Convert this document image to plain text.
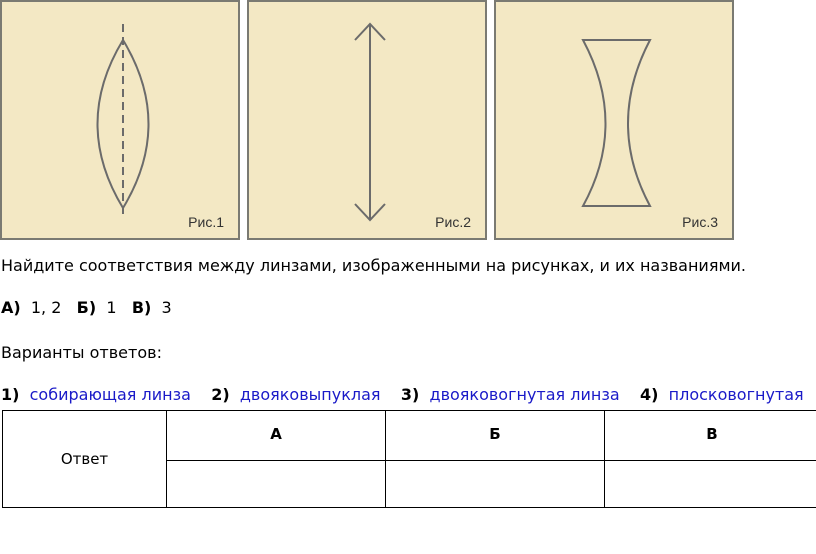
Рис.1	Рис.2	Рис.3
Найдите соответствия между линзами, изображенными на рисунках, и их названиями.
А) 1, 2 Б) 1 В) 3
Варианты ответов:
1) собирающая линза 2) двояковыпуклая 3) двояковогнутая линза 4) плосковогнутая
Ответ	А	Б	В
